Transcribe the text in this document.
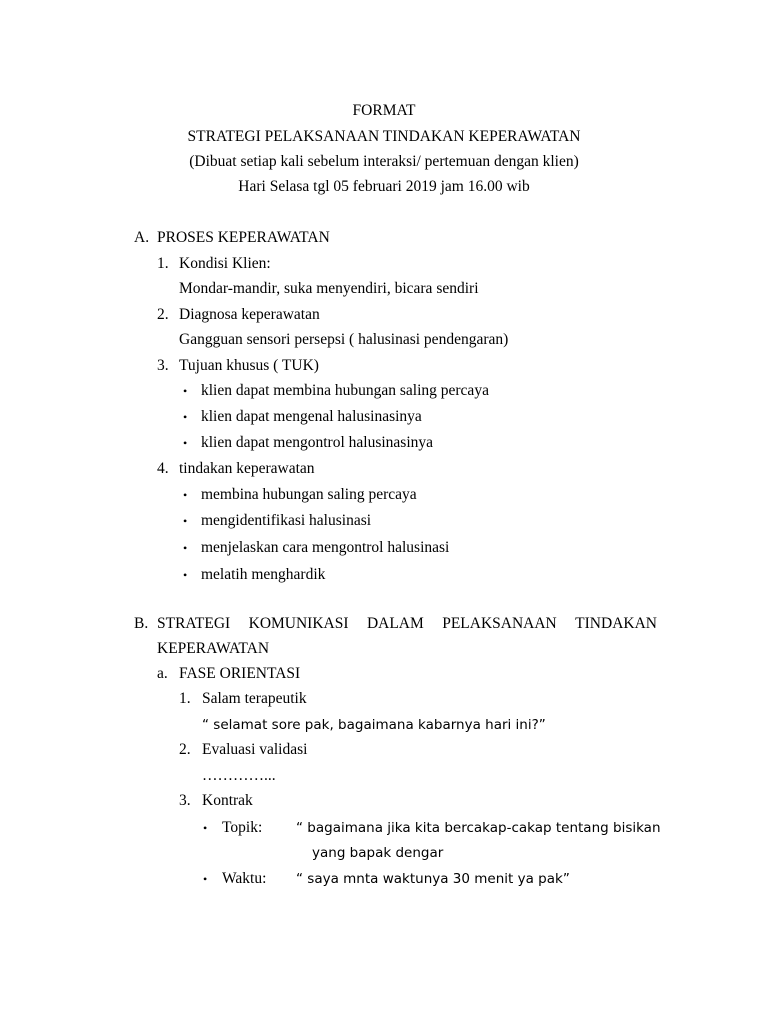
FORMAT
STRATEGI PELAKSANAAN TINDAKAN KEPERAWATAN
(Dibuat setiap kali sebelum interaksi/ pertemuan dengan klien)
Hari Selasa tgl 05 februari 2019 jam 16.00 wib
A. PROSES KEPERAWATAN
1. Kondisi Klien:
Mondar-mandir, suka menyendiri, bicara sendiri
2. Diagnosa keperawatan
Gangguan sensori persepsi ( halusinasi pendengaran)
3. Tujuan khusus ( TUK)
• klien dapat membina hubungan saling percaya
• klien dapat mengenal halusinasinya
• klien dapat mengontrol halusinasinya
4. tindakan keperawatan
• membina hubungan saling percaya
• mengidentifikasi halusinasi
• menjelaskan cara mengontrol halusinasi
• melatih menghardik
B. STRATEGI KOMUNIKASI DALAM PELAKSANAAN TINDAKAN
KEPERAWATAN
a. FASE ORIENTASI
1. Salam terapeutik
“ selamat sore pak, bagaimana kabarnya hari ini?”
2. Evaluasi validasi
…………...
3. Kontrak
• Topik:	“ bagaimana jika kita bercakap-cakap tentang bisikan
yang bapak dengar
• Waktu: “ saya mnta waktunya 30 menit ya pak”
